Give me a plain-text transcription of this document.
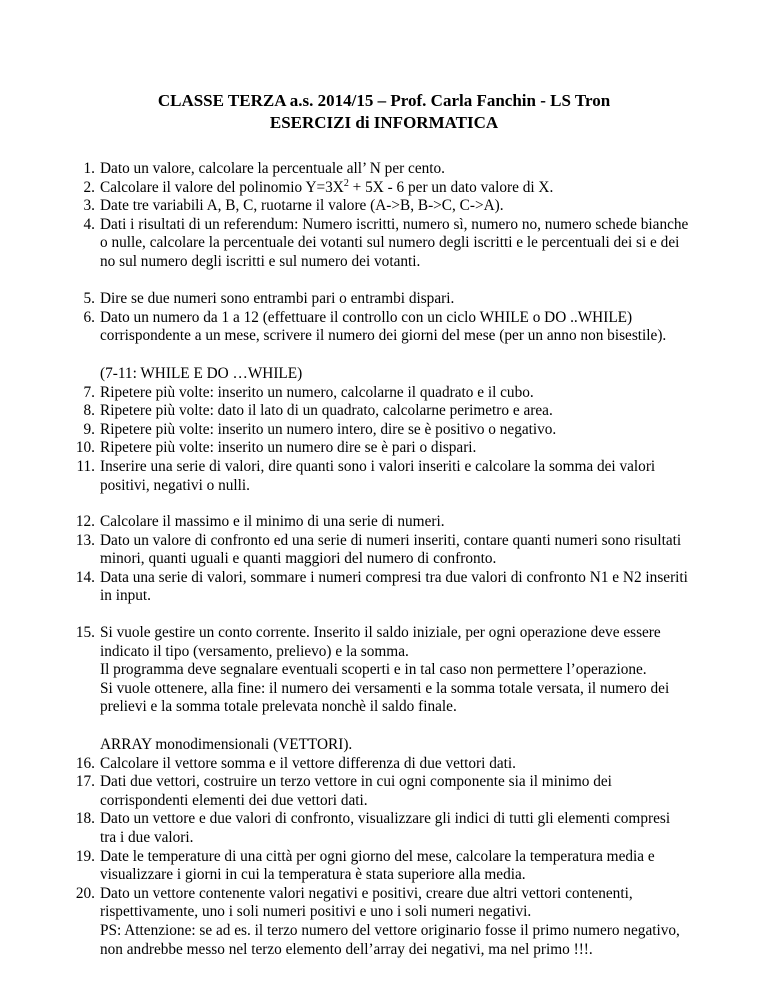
CLASSE TERZA a.s. 2014/15 – Prof. Carla Fanchin - LS Tron
ESERCIZI di INFORMATICA
1. Dato un valore, calcolare la percentuale all’ N per cento.
2. Calcolare il valore del polinomio $Y=3X^2 + 5X - 6$ per un dato valore di X.
3. Date tre variabili A, B, C, ruotarne il valore (A->B, B->C, C->A).
4. Dati i risultati di un referendum: Numero iscritti, numero sì, numero no, numero schede bianche
o nulle, calcolare la percentuale dei votanti sul numero degli iscritti e le percentuali dei si e dei
no sul numero degli iscritti e sul numero dei votanti.
5. Dire se due numeri sono entrambi pari o entrambi dispari.
6. Dato un numero da 1 a 12 (effettuare il controllo con un ciclo WHILE o DO ..WHILE)
corrispondente a un mese, scrivere il numero dei giorni del mese (per un anno non bisestile).
(7-11: WHILE E DO …WHILE)
7. Ripetere più volte: inserito un numero, calcolarne il quadrato e il cubo.
8. Ripetere più volte: dato il lato di un quadrato, calcolarne perimetro e area.
9. Ripetere più volte: inserito un numero intero, dire se è positivo o negativo.
10. Ripetere più volte: inserito un numero dire se è pari o dispari.
11. Inserire una serie di valori, dire quanti sono i valori inseriti e calcolare la somma dei valori
positivi, negativi o nulli.
12. Calcolare il massimo e il minimo di una serie di numeri.
13. Dato un valore di confronto ed una serie di numeri inseriti, contare quanti numeri sono risultati
minori, quanti uguali e quanti maggiori del numero di confronto.
14. Data una serie di valori, sommare i numeri compresi tra due valori di confronto N1 e N2 inseriti
in input.
15. Si vuole gestire un conto corrente. Inserito il saldo iniziale, per ogni operazione deve essere
indicato il tipo (versamento, prelievo) e la somma.
Il programma deve segnalare eventuali scoperti e in tal caso non permettere l’operazione.
Si vuole ottenere, alla fine: il numero dei versamenti e la somma totale versata, il numero dei
prelievi e la somma totale prelevata nonchè il saldo finale.
ARRAY monodimensionali (VETTORI).
16. Calcolare il vettore somma e il vettore differenza di due vettori dati.
17. Dati due vettori, costruire un terzo vettore in cui ogni componente sia il minimo dei
corrispondenti elementi dei due vettori dati.
18. Dato un vettore e due valori di confronto, visualizzare gli indici di tutti gli elementi compresi
tra i due valori.
19. Date le temperature di una città per ogni giorno del mese, calcolare la temperatura media e
visualizzare i giorni in cui la temperatura è stata superiore alla media.
20. Dato un vettore contenente valori negativi e positivi, creare due altri vettori contenenti,
rispettivamente, uno i soli numeri positivi e uno i soli numeri negativi.
PS: Attenzione: se ad es. il terzo numero del vettore originario fosse il primo numero negativo,
non andrebbe messo nel terzo elemento dell’array dei negativi, ma nel primo !!!.
